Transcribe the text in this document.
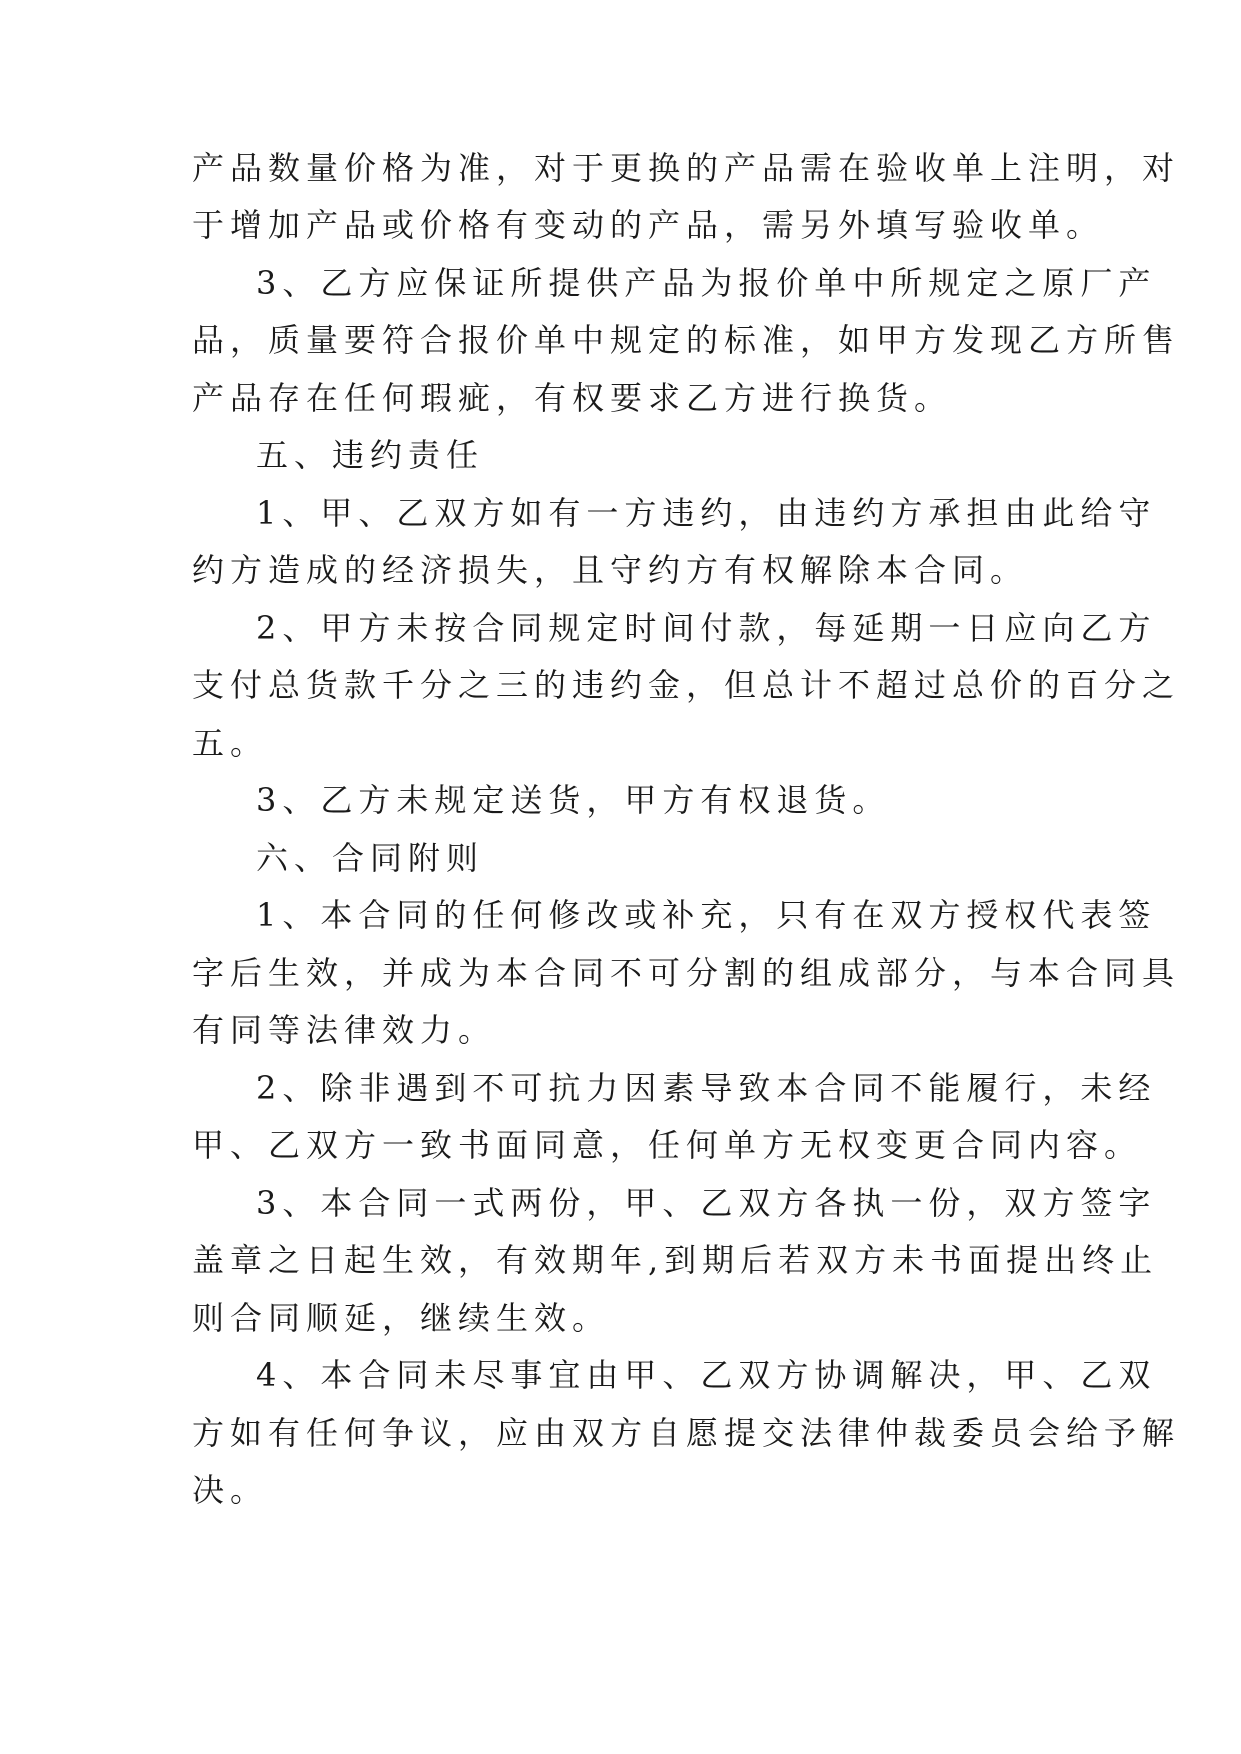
产品数量价格为准，对于更换的产品需在验收单上注明，对
于增加产品或价格有变动的产品，需另外填写验收单。
3、乙方应保证所提供产品为报价单中所规定之原厂产
品，质量要符合报价单中规定的标准，如甲方发现乙方所售
产品存在任何瑕疵，有权要求乙方进行换货。
五、违约责任
1、甲、乙双方如有一方违约，由违约方承担由此给守
约方造成的经济损失，且守约方有权解除本合同。
2、甲方未按合同规定时间付款，每延期一日应向乙方
支付总货款千分之三的违约金，但总计不超过总价的百分之
五。
3、乙方未规定送货，甲方有权退货。
六、合同附则
1、本合同的任何修改或补充，只有在双方授权代表签
字后生效，并成为本合同不可分割的组成部分，与本合同具
有同等法律效力。
2、除非遇到不可抗力因素导致本合同不能履行，未经
甲、乙双方一致书面同意，任何单方无权变更合同内容。
3、本合同一式两份，甲、乙双方各执一份，双方签字
盖章之日起生效，有效期年,到期后若双方未书面提出终止
则合同顺延，继续生效。
4、本合同未尽事宜由甲、乙双方协调解决，甲、乙双
方如有任何争议，应由双方自愿提交法律仲裁委员会给予解
决。
